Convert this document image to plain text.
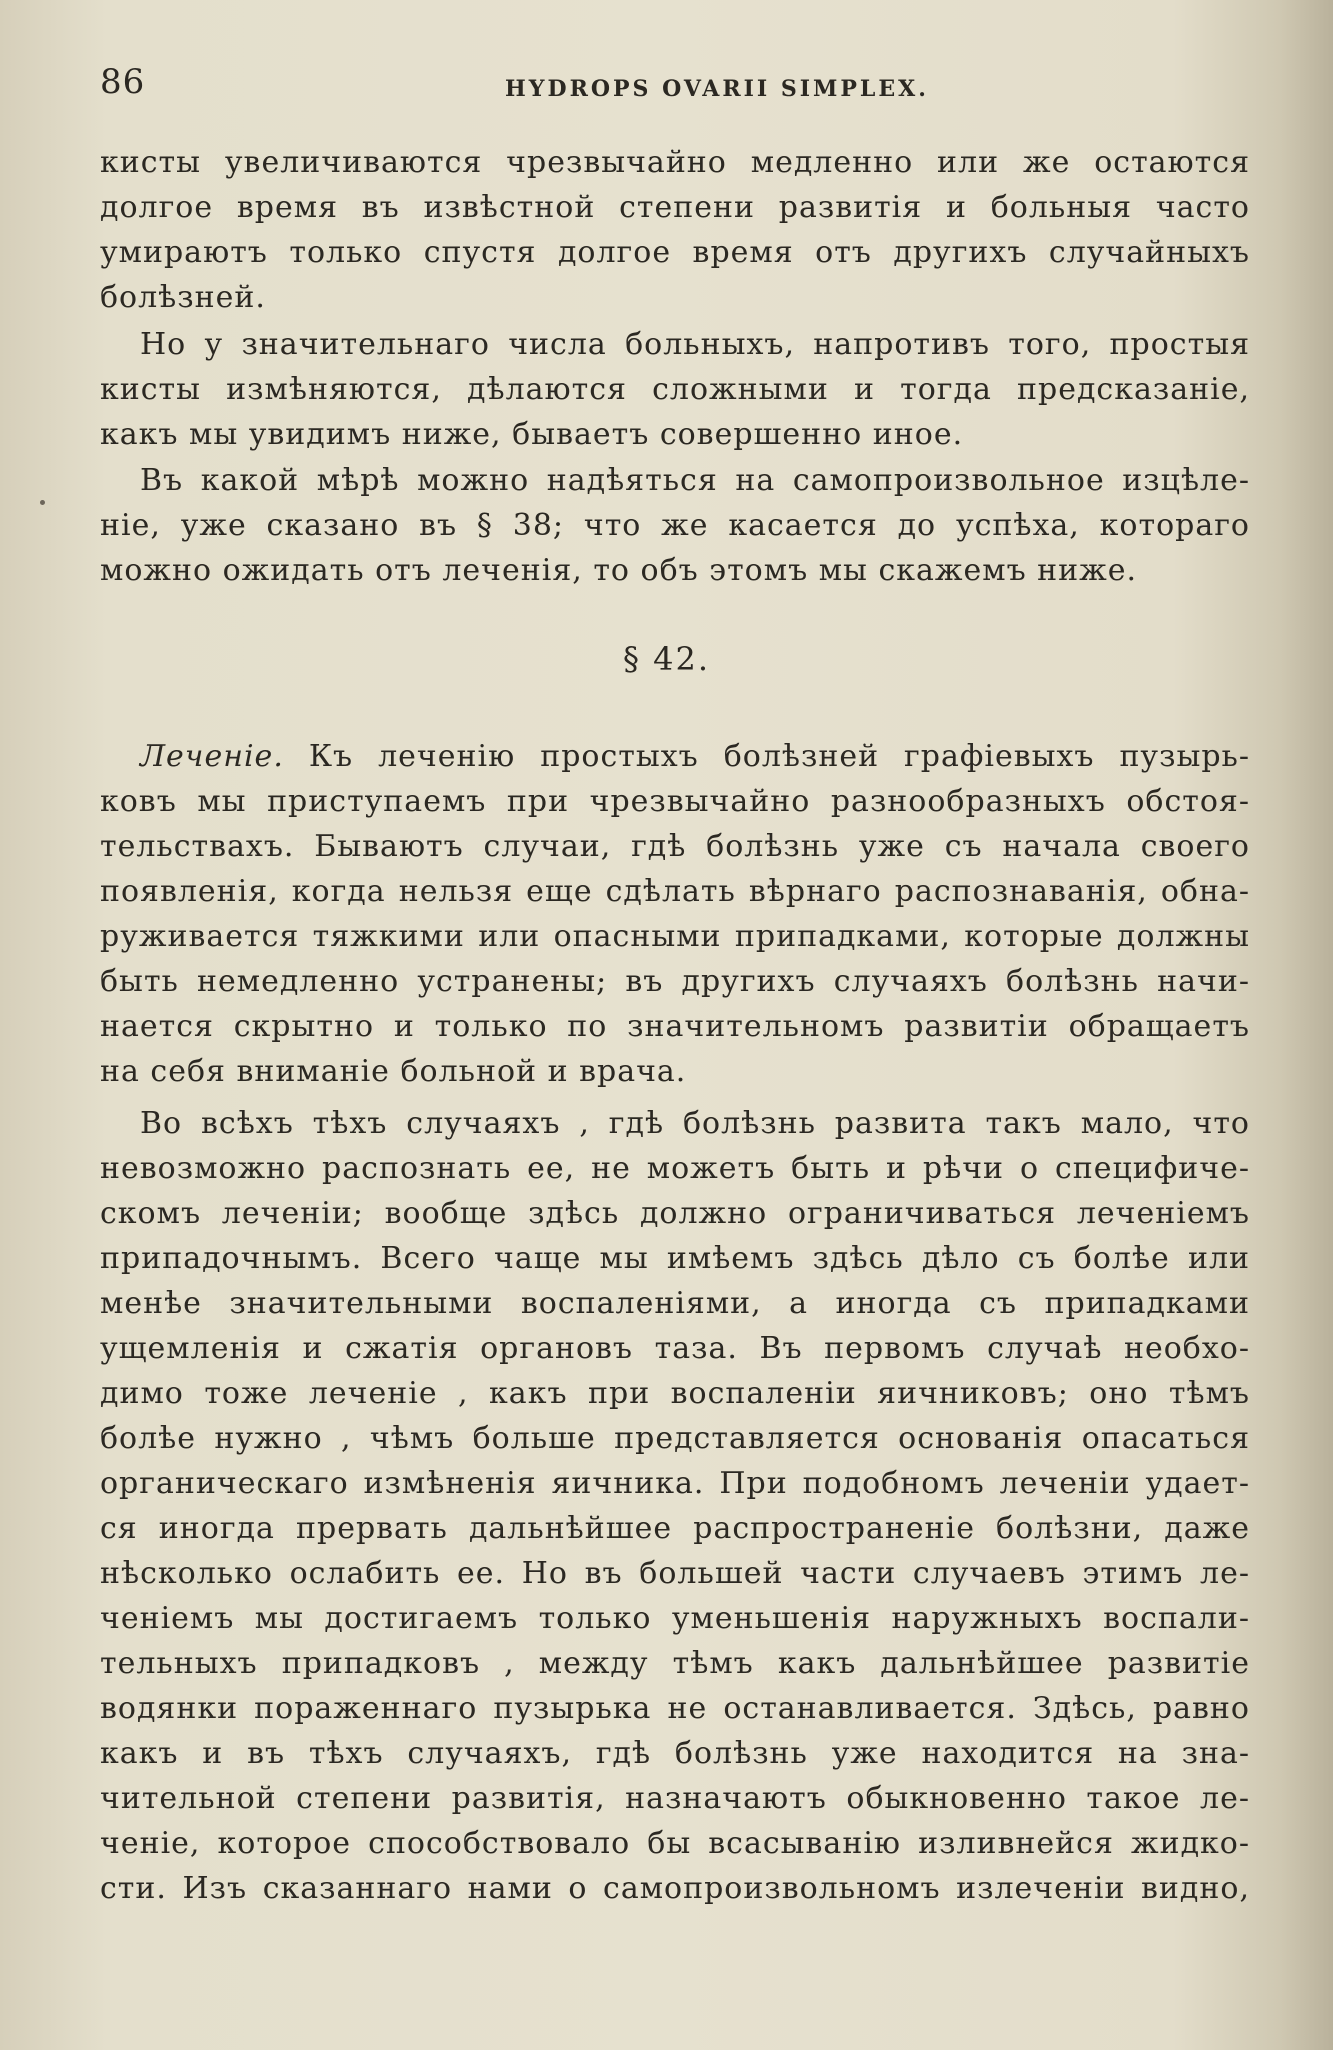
86	HYDROPS OVARII SIMPLEX.
кисты увеличиваются чрезвычайно медленно или же остаются
долгое время въ извѣстной степени развитія и больныя часто
умираютъ только спустя долгое время отъ другихъ случайныхъ
болѣзней.
Но у значительнаго числа больныхъ, напротивъ того, простыя
кисты измѣняются, дѣлаются сложными и тогда предсказаніе,
какъ мы увидимъ ниже, бываетъ совершенно иное.
Въ какой мѣрѣ можно надѣяться на самопроизвольное изцѣле-
ніе, уже сказано въ § 38; что же касается до успѣха, котораго
можно ожидать отъ леченія, то объ этомъ мы скажемъ ниже.
§ 42.
Леченіе. Къ леченію простыхъ болѣзней графіевыхъ пузырь-
ковъ мы приступаемъ при чрезвычайно разнообразныхъ обстоя-
тельствахъ. Бываютъ случаи, гдѣ болѣзнь уже съ начала своего
появленія, когда нельзя еще сдѣлать вѣрнаго распознаванія, обна-
руживается тяжкими или опасными припадками, которые должны
быть немедленно устранены; въ другихъ случаяхъ болѣзнь начи-
нается скрытно и только по значительномъ развитіи обращаетъ
на себя вниманіе больной и врача.
Во всѣхъ тѣхъ случаяхъ , гдѣ болѣзнь развита такъ мало, что
невозможно распознать ее, не можетъ быть и рѣчи о специфиче-
скомъ леченіи; вообще здѣсь должно ограничиваться леченіемъ
припадочнымъ. Всего чаще мы имѣемъ здѣсь дѣло съ болѣе или
менѣе значительными воспаленіями, а иногда съ припадками
ущемленія и сжатія органовъ таза. Въ первомъ случаѣ необхо-
димо тоже леченіе , какъ при воспаленіи яичниковъ; оно тѣмъ
болѣе нужно , чѣмъ больше представляется основанія опасаться
органическаго измѣненія яичника. При подобномъ леченіи удает-
ся иногда прервать дальнѣйшее распространеніе болѣзни, даже
нѣсколько ослабить ее. Но въ большей части случаевъ этимъ ле-
ченіемъ мы достигаемъ только уменьшенія наружныхъ воспали-
тельныхъ припадковъ , между тѣмъ какъ дальнѣйшее развитіе
водянки пораженнаго пузырька не останавливается. Здѣсь, равно
какъ и въ тѣхъ случаяхъ, гдѣ болѣзнь уже находится на зна-
чительной степени развитія, назначаютъ обыкновенно такое ле-
ченіе, которое способствовало бы всасыванію изливнейся жидко-
сти. Изъ сказаннаго нами о самопроизвольномъ излеченіи видно,
